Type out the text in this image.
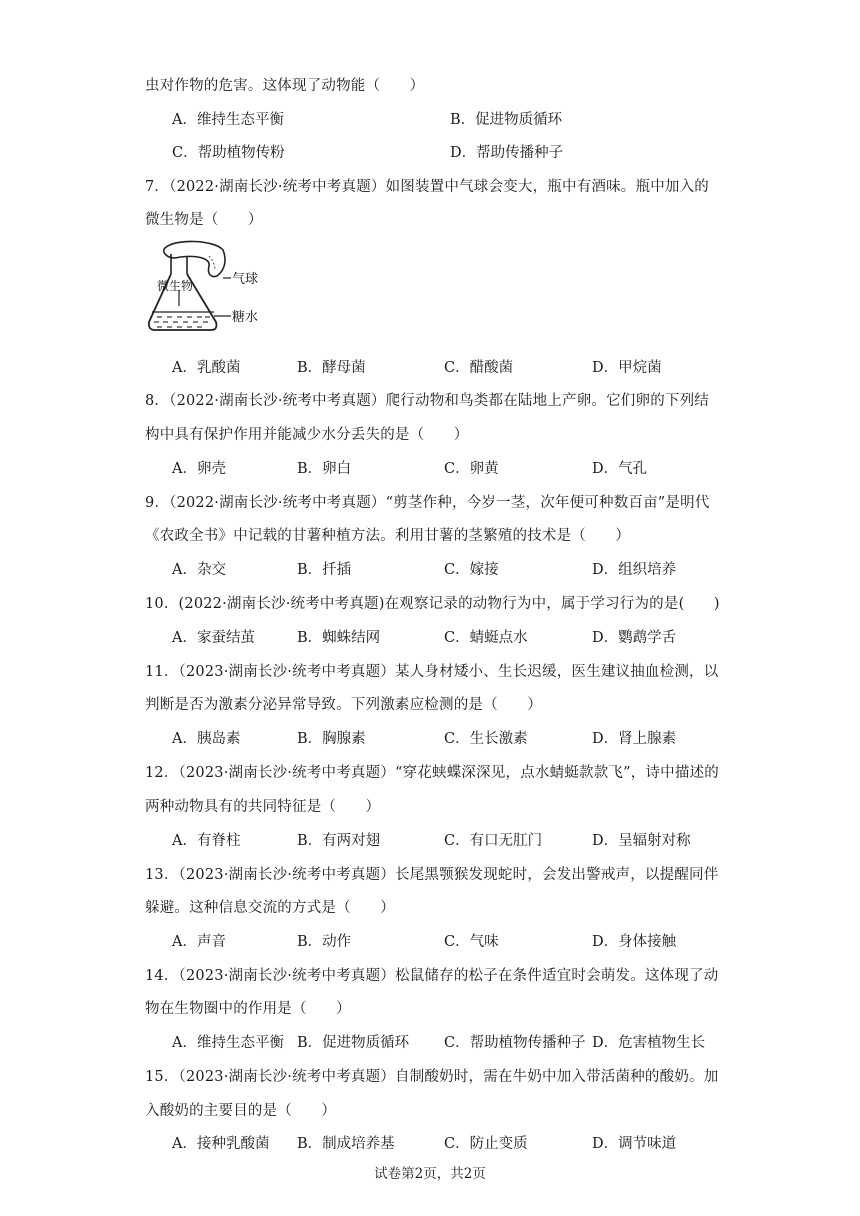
虫对作物的危害。这体现了动物能（　　）
A．维持生态平衡	B．促进物质循环
C．帮助植物传粉	D．帮助传播种子
7．（2022·湖南长沙·统考中考真题）如图装置中气球会变大，瓶中有酒味。瓶中加入的
微生物是（　　）
气球
微生物
糖水
A．乳酸菌	B．酵母菌	C．醋酸菌	D．甲烷菌
8．（2022·湖南长沙·统考中考真题）爬行动物和鸟类都在陆地上产卵。它们卵的下列结
构中具有保护作用并能减少水分丢失的是（　　）
A．卵壳	B．卵白	C．卵黄	D．气孔
9．（2022·湖南长沙·统考中考真题）“剪茎作种，今岁一茎，次年便可种数百亩”是明代
《农政全书》中记载的甘薯种植方法。利用甘薯的茎繁殖的技术是（　　）
A．杂交	B．扦插	C．嫁接	D．组织培养
10．(2022·湖南长沙·统考中考真题)在观察记录的动物行为中，属于学习行为的是(　　)
A．家蚕结茧	B．蜘蛛结网	C．蜻蜓点水	D．鹦鹉学舌
11．（2023·湖南长沙·统考中考真题）某人身材矮小、生长迟缓，医生建议抽血检测，以
判断是否为激素分泌异常导致。下列激素应检测的是（　　）
A．胰岛素	B．胸腺素	C．生长激素	D．肾上腺素
12．（2023·湖南长沙·统考中考真题）“穿花蛱蝶深深见，点水蜻蜓款款飞”，诗中描述的
两种动物具有的共同特征是（　　）
A．有脊柱	B．有两对翅	C．有口无肛门	D．呈辐射对称
13．（2023·湖南长沙·统考中考真题）长尾黑颚猴发现蛇时，会发出警戒声，以提醒同伴
躲避。这种信息交流的方式是（　　）
A．声音	B．动作	C．气味	D．身体接触
14．（2023·湖南长沙·统考中考真题）松鼠储存的松子在条件适宜时会萌发。这体现了动
物在生物圈中的作用是（　　）
A．维持生态平衡 B．促进物质循环 C．帮助植物传播种子 D．危害植物生长
15．（2023·湖南长沙·统考中考真题）自制酸奶时，需在牛奶中加入带活菌种的酸奶。加
入酸奶的主要目的是（　　）
A．接种乳酸菌 B．制成培养基	C．防止变质	D．调节味道
试卷第2页，共2页
